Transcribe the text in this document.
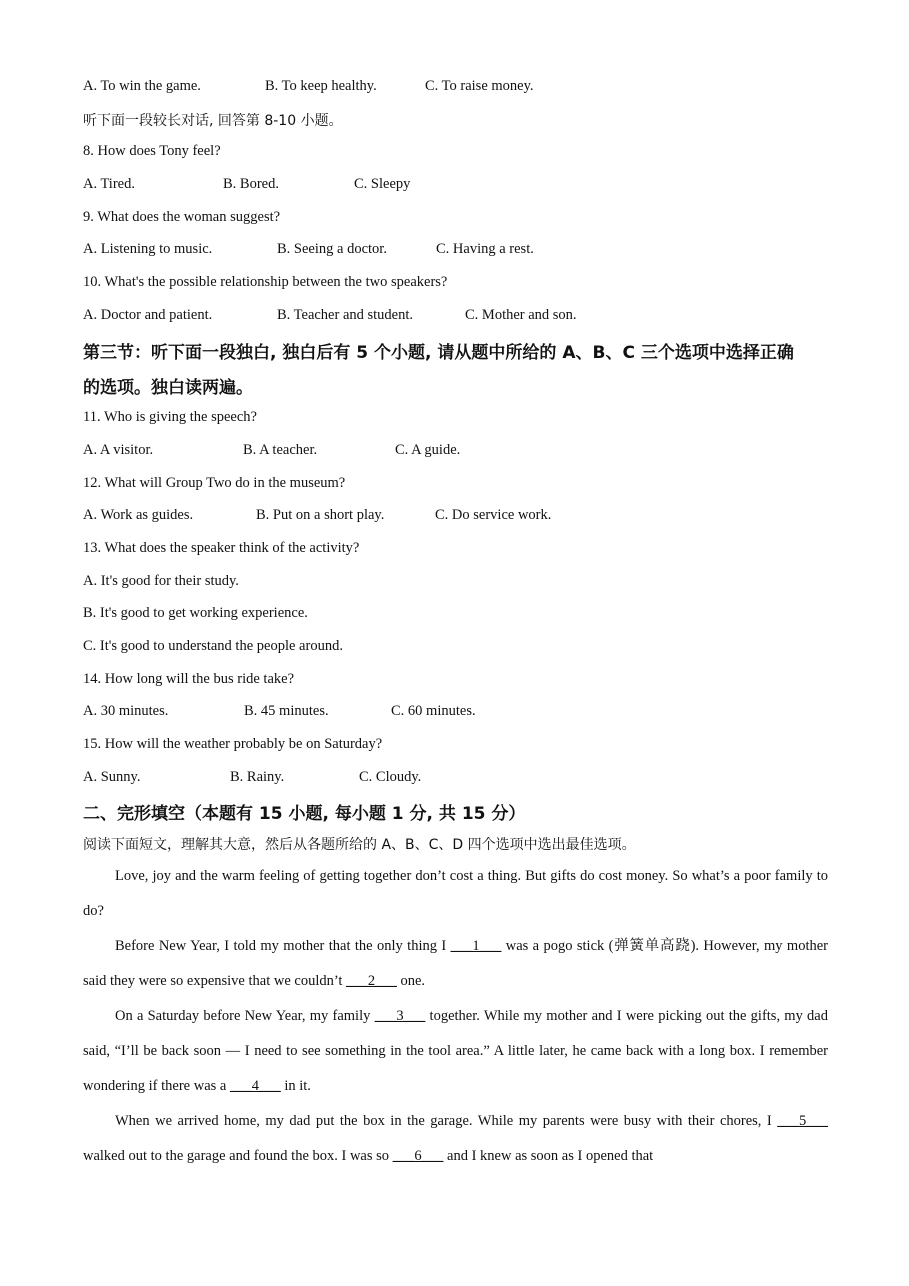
A. To win the game.	B. To keep healthy.	C. To raise money.
听下面一段较长对话, 回答第 8-10 小题。
8. How does Tony feel?
A. Tired.	B. Bored.	C. Sleepy
9. What does the woman suggest?
A. Listening to music.	B. Seeing a doctor.	C. Having a rest.
10. What's the possible relationship between the two speakers?
A. Doctor and patient.	B. Teacher and student.	C. Mother and son.
第三节：听下面一段独白, 独白后有 5 个小题, 请从题中所给的 A、B、C 三个选项中选择正确
的选项。独白读两遍。
11. Who is giving the speech?
A. A visitor.	B. A teacher.	C. A guide.
12. What will Group Two do in the museum?
A. Work as guides.	B. Put on a short play.	C. Do service work.
13. What does the speaker think of the activity?
A. It's good for their study.
B. It's good to get working experience.
C. It's good to understand the people around.
14. How long will the bus ride take?
A. 30 minutes.	B. 45 minutes.	C. 60 minutes.
15. How will the weather probably be on Saturday?
A. Sunny.	B. Rainy.	C. Cloudy.
二、完形填空（本题有 15 小题, 每小题 1 分, 共 15 分）
阅读下面短文，理解其大意，然后从各题所给的 A、B、C、D 四个选项中选出最佳选项。

Love, joy and the warm feeling of getting together don’t cost a thing. But gifts do cost money. So what’s a poor family to do?

Before New Year, I told my mother that the only thing I ___1___ was a pogo stick (弹簧单高跷). However, my mother said they were so expensive that we couldn’t ___2___ one.

On a Saturday before New Year, my family ___3___ together. While my mother and I were picking out the gifts, my dad said, “I’ll be back soon — I need to see something in the tool area.” A little later, he came back with a long box. I remember wondering if there was a ___4___ in it.

When we arrived home, my dad put the box in the garage. While my parents were busy with their chores, I ___5___ walked out to the garage and found the box. I was so ___6___ and I knew as soon as I opened that
